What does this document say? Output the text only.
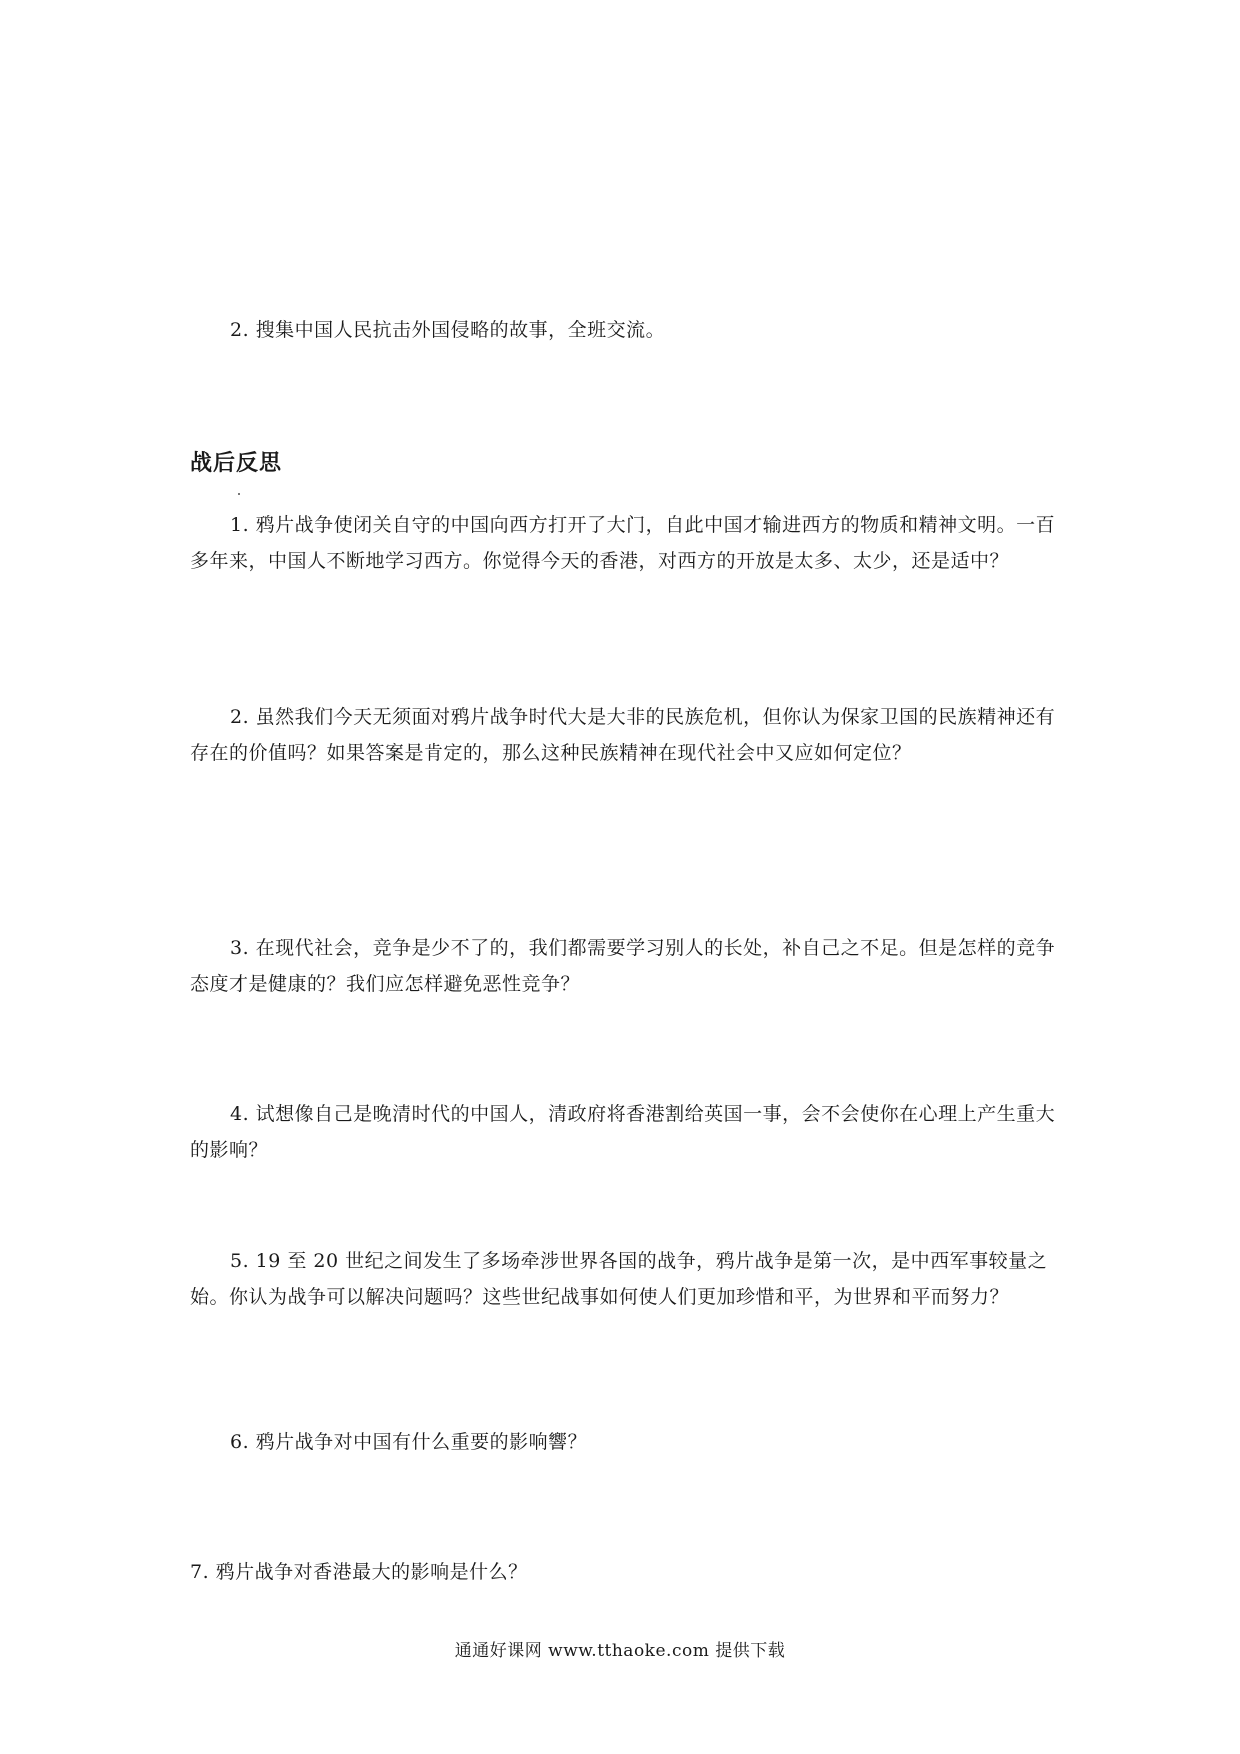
2. 搜集中国人民抗击外国侵略的故事，全班交流。

战后反思

1. 鸦片战争使闭关自守的中国向西方打开了大门，自此中国才输进西方的物质和精神文明。一百多年来，中国人不断地学习西方。你觉得今天的香港，对西方的开放是太多、太少，还是适中？

2. 虽然我们今天无须面对鸦片战争时代大是大非的民族危机，但你认为保家卫国的民族精神还有存在的价值吗？如果答案是肯定的，那么这种民族精神在现代社会中又应如何定位？

3. 在现代社会，竞争是少不了的，我们都需要学习别人的长处，补自己之不足。但是怎样的竞争态度才是健康的？我们应怎样避免恶性竞争？

4. 试想像自己是晚清时代的中国人，清政府将香港割给英国一事，会不会使你在心理上产生重大的影响？

5. 19 至 20 世纪之间发生了多场牵涉世界各国的战争，鸦片战争是第一次，是中西军事较量之始。你认为战争可以解决问题吗？这些世纪战事如何使人们更加珍惜和平，为世界和平而努力？

6. 鸦片战争对中国有什么重要的影响響？

7. 鸦片战争对香港最大的影响是什么？

通通好课网 www.tthaoke.com 提供下载
